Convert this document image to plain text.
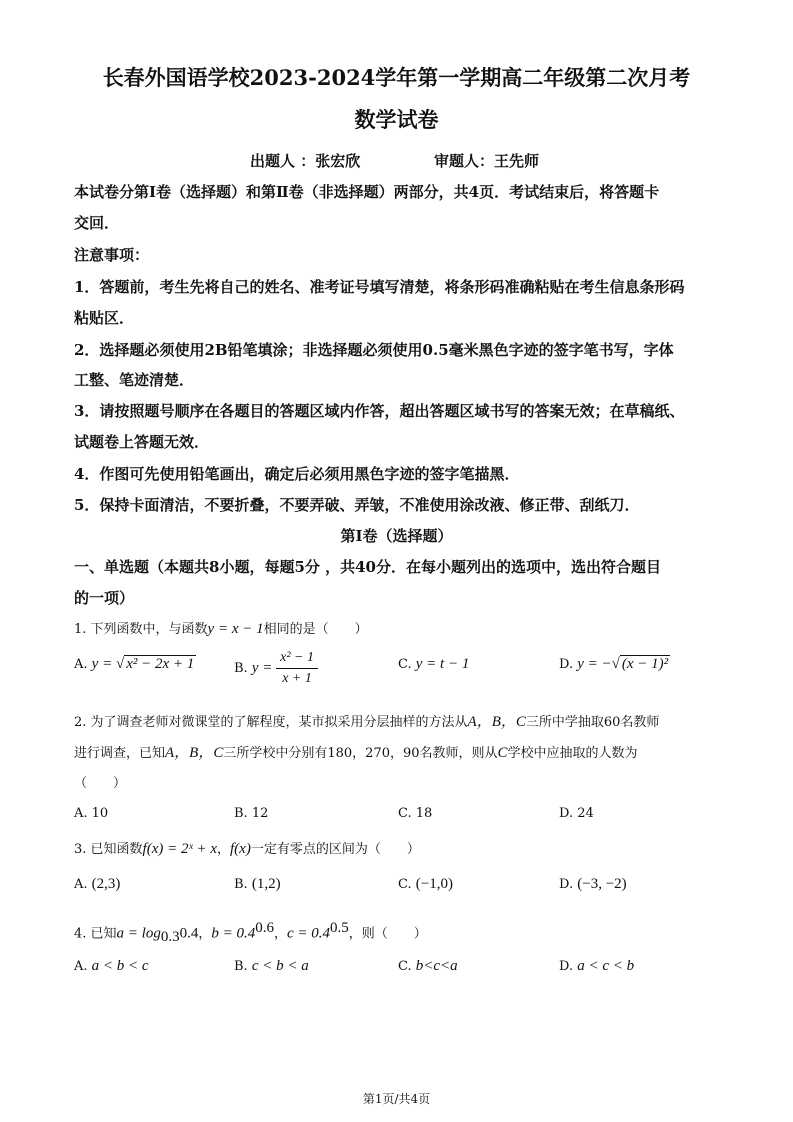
长春外国语学校2023-2024学年第一学期高二年级第二次月考
数学试卷
出题人 ：张宏欣	审题人：王先师
本试卷分第Ⅰ卷（选择题）和第Ⅱ卷（非选择题）两部分，共4页．考试结束后，将答题卡
交回．
注意事项：
1．答题前，考生先将自己的姓名、准考证号填写清楚，将条形码准确粘贴在考生信息条形码
粘贴区．
2．选择题必须使用2B铅笔填涂；非选择题必须使用0.5毫米黑色字迹的签字笔书写，字体
工整、笔迹清楚．
3．请按照题号顺序在各题目的答题区域内作答，超出答题区域书写的答案无效；在草稿纸、
试题卷上答题无效．
4．作图可先使用铅笔画出，确定后必须用黑色字迹的签字笔描黑．
5．保持卡面清洁，不要折叠，不要弄破、弄皱，不准使用涂改液、修正带、刮纸刀．
第Ⅰ卷（选择题）
一、单选题（本题共8小题，每题5分 ，共40分．在每小题列出的选项中，选出符合题目
的一项）
1. 下列函数中，与函数y = x − 1相同的是（　　）
A. y = √ x² − 2x + 1	B. $y = \frac{\text{x² − 1}}{x + 1}$	C. y = t − 1	D. y = −√ (x − 1)²
2. 为了调查老师对微课堂的了解程度，某市拟采用分层抽样的方法从A，B，C三所中学抽取60名教师
进行调查，已知A，B，C三所学校中分别有180，270，90名教师，则从C学校中应抽取的人数为
（　　）
A. 10	B. 12	C. 18	D. 24
3. 已知函数f(x) = 2ˣ + x，f(x)一定有零点的区间为（　　）
A. (2,3)	B. (1,2)	C. (−1,0)	D. (−3, −2)
4. 已知$a = \log_{0.3}0.4$，$b = 0.4^{0.6}$，$c = 0.4^{0.5}$，则（　　）
A. a < b < c	B. c < b < a	C. b<c<a	D. a < c < b
第1页/共4页
